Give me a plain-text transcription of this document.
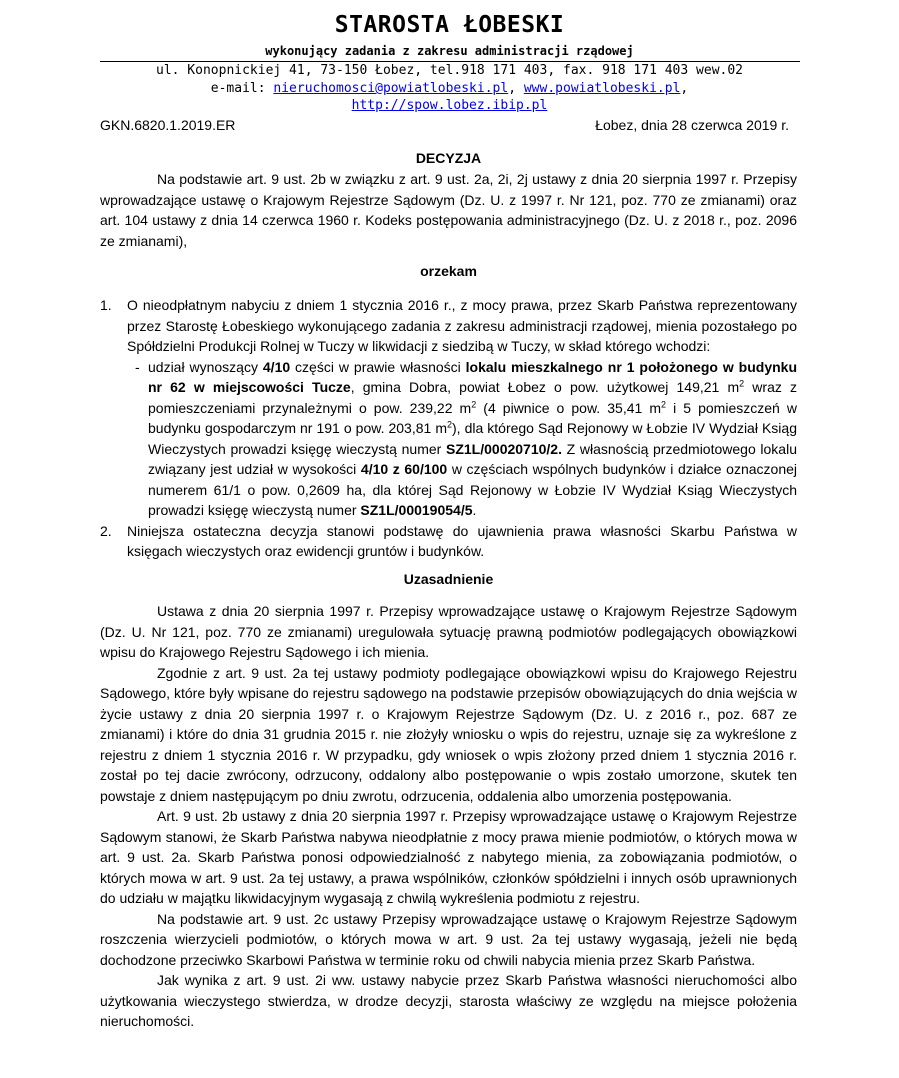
STAROSTA ŁOBESKI
wykonujący zadania z zakresu administracji rządowej
ul. Konopnickiej 41, 73-150 Łobez, tel.918 171 403, fax. 918 171 403 wew.02
e-mail: nieruchomosci@powiatlobeski.pl, www.powiatlobeski.pl,
http://spow.lobez.ibip.pl
GKN.6820.1.2019.ER	Łobez, dnia 28 czerwca 2019 r.
DECYZJA

Na podstawie art. 9 ust. 2b w związku z art. 9 ust. 2a, 2i, 2j ustawy z dnia 20 sierpnia 1997 r. Przepisy wprowadzające ustawę o Krajowym Rejestrze Sądowym (Dz. U. z 1997 r. Nr 121, poz. 770 ze zmianami) oraz art. 104 ustawy z dnia 14 czerwca 1960 r. Kodeks postępowania administracyjnego (Dz. U. z 2018 r., poz. 2096 ze zmianami),

orzekam
1. O nieodpłatnym nabyciu z dniem 1 stycznia 2016 r., z mocy prawa, przez Skarb Państwa reprezentowany przez Starostę Łobeskiego wykonującego zadania z zakresu administracji rządowej, mienia pozostałego po Spółdzielni Produkcji Rolnej w Tuczy w likwidacji z siedzibą w Tuczy, w skład którego wchodzi:
- udział wynoszący 4/10 części w prawie własności lokalu mieszkalnego nr 1 położonego w budynku nr 62 w miejscowości Tucze, gmina Dobra, powiat Łobez o pow. użytkowej 149,21 $m^2$ wraz z pomieszczeniami przynależnymi o pow. 239,22 $m^2$ (4 piwnice o pow. 35,41 $m^2$ i 5 pomieszczeń w budynku gospodarczym nr 191 o pow. 203,81 $m^2$), dla którego Sąd Rejonowy w Łobzie IV Wydział Ksiąg Wieczystych prowadzi księgę wieczystą numer SZ1L/00020710/2. Z własnością przedmiotowego lokalu związany jest udział w wysokości 4/10 z 60/100 w częściach wspólnych budynków i działce oznaczonej numerem 61/1 o pow. 0,2609 ha, dla której Sąd Rejonowy w Łobzie IV Wydział Ksiąg Wieczystych prowadzi księgę wieczystą numer SZ1L/00019054/5.
2. Niniejsza ostateczna decyzja stanowi podstawę do ujawnienia prawa własności Skarbu Państwa w księgach wieczystych oraz ewidencji gruntów i budynków.
Uzasadnienie

Ustawa z dnia 20 sierpnia 1997 r. Przepisy wprowadzające ustawę o Krajowym Rejestrze Sądowym (Dz. U. Nr 121, poz. 770 ze zmianami) uregulowała sytuację prawną podmiotów podlegających obowiązkowi wpisu do Krajowego Rejestru Sądowego i ich mienia.

Zgodnie z art. 9 ust. 2a tej ustawy podmioty podlegające obowiązkowi wpisu do Krajowego Rejestru Sądowego, które były wpisane do rejestru sądowego na podstawie przepisów obowiązujących do dnia wejścia w życie ustawy z dnia 20 sierpnia 1997 r. o Krajowym Rejestrze Sądowym (Dz. U. z 2016 r., poz. 687 ze zmianami) i które do dnia 31 grudnia 2015 r. nie złożyły wniosku o wpis do rejestru, uznaje się za wykreślone z rejestru z dniem 1 stycznia 2016 r. W przypadku, gdy wniosek o wpis złożony przed dniem 1 stycznia 2016 r. został po tej dacie zwrócony, odrzucony, oddalony albo postępowanie o wpis zostało umorzone, skutek ten powstaje z dniem następującym po dniu zwrotu, odrzucenia, oddalenia albo umorzenia postępowania.

Art. 9 ust. 2b ustawy z dnia 20 sierpnia 1997 r. Przepisy wprowadzające ustawę o Krajowym Rejestrze Sądowym stanowi, że Skarb Państwa nabywa nieodpłatnie z mocy prawa mienie podmiotów, o których mowa w art. 9 ust. 2a. Skarb Państwa ponosi odpowiedzialność z nabytego mienia, za zobowiązania podmiotów, o których mowa w art. 9 ust. 2a tej ustawy, a prawa wspólników, członków spółdzielni i innych osób uprawnionych do udziału w majątku likwidacyjnym wygasają z chwilą wykreślenia podmiotu z rejestru.

Na podstawie art. 9 ust. 2c ustawy Przepisy wprowadzające ustawę o Krajowym Rejestrze Sądowym roszczenia wierzycieli podmiotów, o których mowa w art. 9 ust. 2a tej ustawy wygasają, jeżeli nie będą dochodzone przeciwko Skarbowi Państwa w terminie roku od chwili nabycia mienia przez Skarb Państwa.

Jak wynika z art. 9 ust. 2i ww. ustawy nabycie przez Skarb Państwa własności nieruchomości albo użytkowania wieczystego stwierdza, w drodze decyzji, starosta właściwy ze względu na miejsce położenia nieruchomości.
